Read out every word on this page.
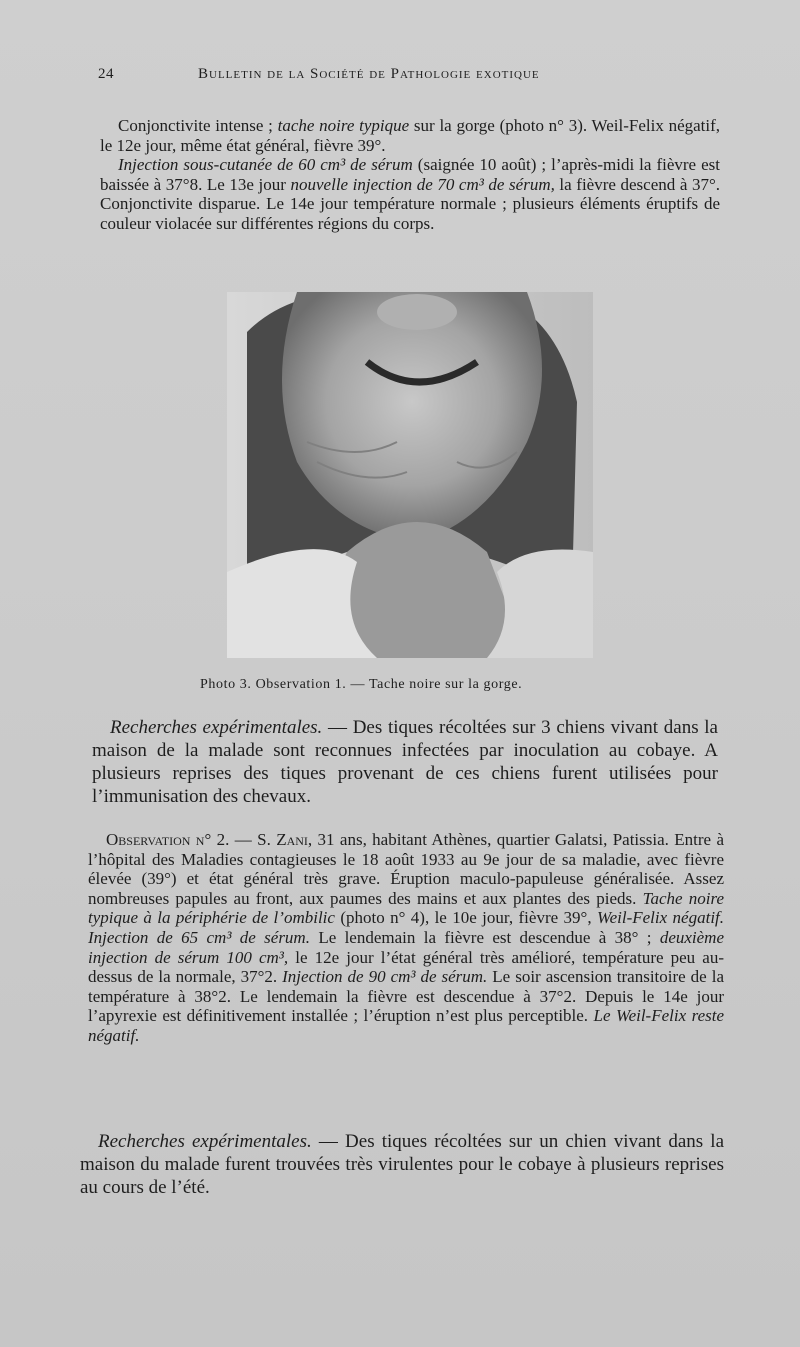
24	Bulletin de la Société de Pathologie exotique

Conjonctivite intense ; tache noire typique sur la gorge (photo n° 3). Weil-Felix négatif, le 12e jour, même état général, fièvre 39°.

Injection sous-cutanée de 60 cm³ de sérum (saignée 10 août) ; l’après-midi la fièvre est baissée à 37°8. Le 13e jour nouvelle injection de 70 cm³ de sérum, la fièvre descend à 37°. Conjonctivite disparue. Le 14e jour température normale ; plusieurs éléments éruptifs de couleur violacée sur différentes régions du corps.

Photo 3. Observation 1. — Tache noire sur la gorge.

Recherches expérimentales. — Des tiques récoltées sur 3 chiens vivant dans la maison de la malade sont reconnues infectées par inoculation au cobaye. A plusieurs reprises des tiques provenant de ces chiens furent utilisées pour l’immunisation des chevaux.

Observation n° 2. — S. Zani, 31 ans, habitant Athènes, quartier Galatsi, Patissia. Entre à l’hôpital des Maladies contagieuses le 18 août 1933 au 9e jour de sa maladie, avec fièvre élevée (39°) et état général très grave. Éruption maculo-papuleuse généralisée. Assez nombreuses papules au front, aux paumes des mains et aux plantes des pieds. Tache noire typique à la périphérie de l’ombilic (photo n° 4), le 10e jour, fièvre 39°, Weil-Felix négatif. Injection de 65 cm³ de sérum. Le lendemain la fièvre est descendue à 38° ; deuxième injection de sérum 100 cm³, le 12e jour l’état général très amélioré, température peu au-dessus de la normale, 37°2. Injection de 90 cm³ de sérum. Le soir ascension transitoire de la température à 38°2. Le lendemain la fièvre est descendue à 37°2. Depuis le 14e jour l’apyrexie est définitivement installée ; l’éruption n’est plus perceptible. Le Weil-Felix reste négatif.

Recherches expérimentales. — Des tiques récoltées sur un chien vivant dans la maison du malade furent trouvées très virulentes pour le cobaye à plusieurs reprises au cours de l’été.
